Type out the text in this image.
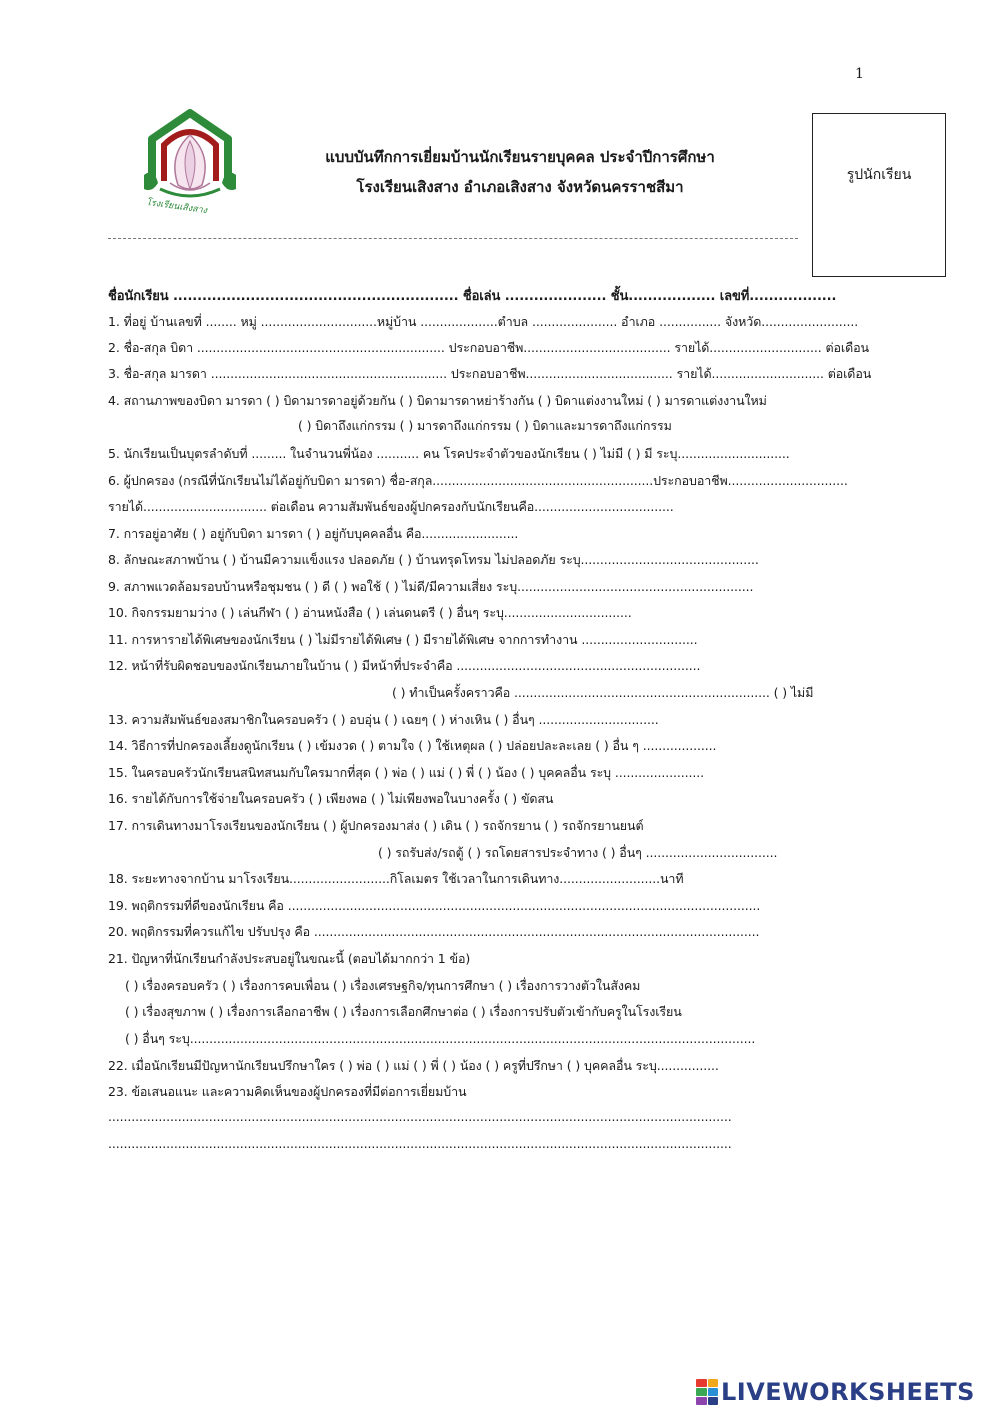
1
โรงเรียนเสิงสาง
แบบบันทึกการเยี่ยมบ้านนักเรียนรายบุคคล ประจำปีการศึกษา
โรงเรียนเสิงสาง อำเภอเสิงสาง จังหวัดนครราชสีมา
รูปนักเรียน
ชื่อนักเรียน ........................................................... ชื่อเล่น ..................... ชั้น.................. เลขที่..................
1. ที่อยู่ บ้านเลขที่ ........ หมู่ ..............................หมู่บ้าน ....................ตำบล ...................... อำเภอ ................ จังหวัด.........................
2. ชื่อ-สกุล บิดา ................................................................ ประกอบอาชีพ...................................... รายได้............................. ต่อเดือน
3. ชื่อ-สกุล มารดา ............................................................. ประกอบอาชีพ...................................... รายได้............................. ต่อเดือน
4. สถานภาพของบิดา มารดา ( ) บิดามารดาอยู่ด้วยกัน ( ) บิดามารดาหย่าร้างกัน ( ) บิดาแต่งงานใหม่ ( ) มารดาแต่งงานใหม่
( ) บิดาถึงแก่กรรม ( ) มารดาถึงแก่กรรม ( ) บิดาและมารดาถึงแก่กรรม
5. นักเรียนเป็นบุตรลำดับที่ ......... ในจำนวนพี่น้อง ........... คน โรคประจำตัวของนักเรียน ( ) ไม่มี ( ) มี ระบุ.............................
6. ผู้ปกครอง (กรณีที่นักเรียนไม่ได้อยู่กับบิดา มารดา) ชื่อ-สกุล.........................................................ประกอบอาชีพ...............................
รายได้................................ ต่อเดือน ความสัมพันธ์ของผู้ปกครองกับนักเรียนคือ....................................
7. การอยู่อาศัย ( ) อยู่กับบิดา มารดา ( ) อยู่กับบุคคลอื่น คือ.........................
8. ลักษณะสภาพบ้าน ( ) บ้านมีความแข็งแรง ปลอดภัย ( ) บ้านทรุดโทรม ไม่ปลอดภัย ระบุ..............................................
9. สภาพแวดล้อมรอบบ้านหรือชุมชน ( ) ดี ( ) พอใช้ ( ) ไม่ดี/มีความเสี่ยง ระบุ.............................................................
10. กิจกรรมยามว่าง ( ) เล่นกีฬา ( ) อ่านหนังสือ ( ) เล่นดนตรี ( ) อื่นๆ ระบุ.................................
11. การหารายได้พิเศษของนักเรียน ( ) ไม่มีรายได้พิเศษ ( ) มีรายได้พิเศษ จากการทำงาน ..............................
12. หน้าที่รับผิดชอบของนักเรียนภายในบ้าน ( ) มีหน้าที่ประจำคือ ...............................................................
( ) ทำเป็นครั้งคราวคือ .................................................................. ( ) ไม่มี
13. ความสัมพันธ์ของสมาชิกในครอบครัว ( ) อบอุ่น ( ) เฉยๆ ( ) ห่างเหิน ( ) อื่นๆ ...............................
14. วิธีการที่ปกครองเลี้ยงดูนักเรียน ( ) เข้มงวด ( ) ตามใจ ( ) ใช้เหตุผล ( ) ปล่อยปละละเลย ( ) อื่น ๆ ...................
15. ในครอบครัวนักเรียนสนิทสนมกับใครมากที่สุด ( ) พ่อ ( ) แม่ ( ) พี่ ( ) น้อง ( ) บุคคลอื่น ระบุ .......................
16. รายได้กับการใช้จ่ายในครอบครัว ( ) เพียงพอ ( ) ไม่เพียงพอในบางครั้ง ( ) ขัดสน
17. การเดินทางมาโรงเรียนของนักเรียน ( ) ผู้ปกครองมาส่ง ( ) เดิน ( ) รถจักรยาน ( ) รถจักรยานยนต์
( ) รถรับส่ง/รถตู้ ( ) รถโดยสารประจำทาง ( ) อื่นๆ ..................................
18. ระยะทางจากบ้าน มาโรงเรียน..........................กิโลเมตร ใช้เวลาในการเดินทาง..........................นาที
19. พฤติกรรมที่ดีของนักเรียน คือ ..........................................................................................................................
20. พฤติกรรมที่ควรแก้ไข ปรับปรุง คือ ...................................................................................................................
21. ปัญหาที่นักเรียนกำลังประสบอยู่ในขณะนี้ (ตอบได้มากกว่า 1 ข้อ)
( ) เรื่องครอบครัว ( ) เรื่องการคบเพื่อน ( ) เรื่องเศรษฐกิจ/ทุนการศึกษา ( ) เรื่องการวางตัวในสังคม
( ) เรื่องสุขภาพ ( ) เรื่องการเลือกอาชีพ ( ) เรื่องการเลือกศึกษาต่อ ( ) เรื่องการปรับตัวเข้ากับครูในโรงเรียน
( ) อื่นๆ ระบุ..................................................................................................................................................
22. เมื่อนักเรียนมีปัญหานักเรียนปรึกษาใคร ( ) พ่อ ( ) แม่ ( ) พี่ ( ) น้อง ( ) ครูที่ปรึกษา ( ) บุคคลอื่น ระบุ................
23. ข้อเสนอแนะ และความคิดเห็นของผู้ปกครองที่มีต่อการเยี่ยมบ้าน
.................................................................................................................................................................
.................................................................................................................................................................
LIVEWORKSHEETS
